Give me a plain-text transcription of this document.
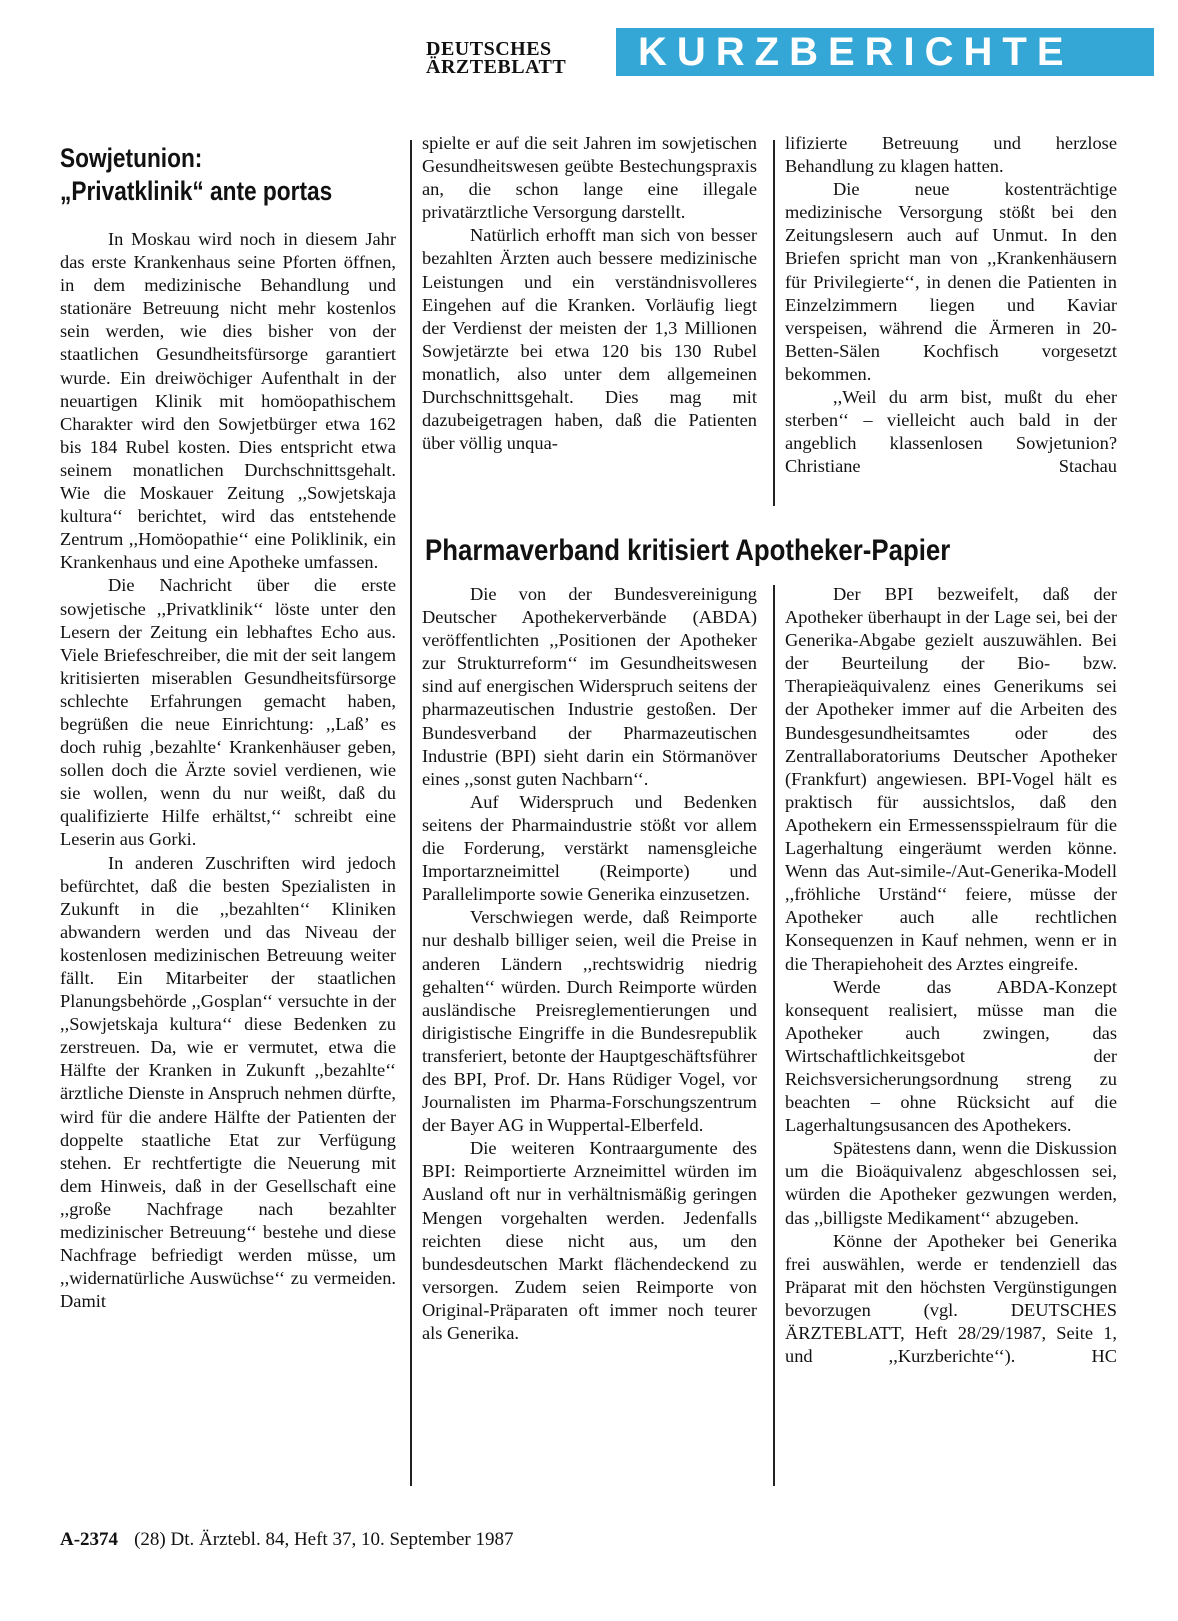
DEUTSCHES
ÄRZTEBLATT	KURZBERICHTE
Sowjetunion:
„Privatklinik“ ante portas

In Moskau wird noch in diesem Jahr das erste Krankenhaus seine Pforten öffnen, in dem medizinische Behandlung und stationäre Betreuung nicht mehr kostenlos sein werden, wie dies bisher von der staatlichen Gesundheitsfürsorge garantiert wurde. Ein dreiwöchiger Aufenthalt in der neuartigen Klinik mit homöopathischem Charakter wird den Sowjetbürger etwa 162 bis 184 Rubel kosten. Dies entspricht etwa seinem monatlichen Durchschnittsgehalt. Wie die Moskauer Zeitung ,,Sowjetskaja kultura‘‘ berichtet, wird das entstehende Zentrum ,,Homöopathie‘‘ eine Poliklinik, ein Krankenhaus und eine Apotheke umfassen.

Die Nachricht über die erste sowjetische ,,Privatklinik‘‘ löste unter den Lesern der Zeitung ein lebhaftes Echo aus. Viele Briefeschreiber, die mit der seit langem kritisierten miserablen Gesundheitsfürsorge schlechte Erfahrungen gemacht haben, begrüßen die neue Einrichtung: ,,Laß’ es doch ruhig ‚bezahlte‘ Krankenhäuser geben, sollen doch die Ärzte soviel verdienen, wie sie wollen, wenn du nur weißt, daß du qualifizierte Hilfe erhältst,‘‘ schreibt eine Leserin aus Gorki.

In anderen Zuschriften wird jedoch befürchtet, daß die besten Spezialisten in Zukunft in die ,,bezahlten‘‘ Kliniken abwandern werden und das Niveau der kostenlosen medizinischen Betreuung weiter fällt. Ein Mitarbeiter der staatlichen Planungsbehörde ,,Gosplan‘‘ versuchte in der ,,Sowjetskaja kultura‘‘ diese Bedenken zu zerstreuen. Da, wie er vermutet, etwa die Hälfte der Kranken in Zukunft ,,bezahlte‘‘ ärztliche Dienste in Anspruch nehmen dürfte, wird für die andere Hälfte der Patienten der doppelte staatliche Etat zur Verfügung stehen. Er rechtfertigte die Neuerung mit dem Hinweis, daß in der Gesellschaft eine ,,große Nachfrage nach bezahlter medizinischer Betreuung‘‘ bestehe und diese Nachfrage befriedigt werden müsse, um ,,widernatürliche Auswüchse‘‘ zu vermeiden. Damit

spielte er auf die seit Jahren im sowjetischen Gesundheitswesen geübte Bestechungspraxis an, die schon lange eine illegale privatärztliche Versorgung darstellt.

Natürlich erhofft man sich von besser bezahlten Ärzten auch bessere medizinische Leistungen und ein verständnisvolleres Eingehen auf die Kranken. Vorläufig liegt der Verdienst der meisten der 1,3 Millionen Sowjetärzte bei etwa 120 bis 130 Rubel monatlich, also unter dem allgemeinen Durchschnittsgehalt. Dies mag mit dazubeigetragen haben, daß die Patienten über völlig unqua-

lifizierte Betreuung und herzlose Behandlung zu klagen hatten.

Die neue kostenträchtige medizinische Versorgung stößt bei den Zeitungslesern auch auf Unmut. In den Briefen spricht man von ,,Krankenhäusern für Privilegierte‘‘, in denen die Patienten in Einzelzimmern liegen und Kaviar verspeisen, während die Ärmeren in 20-Betten-Sälen Kochfisch vorgesetzt bekommen.

,,Weil du arm bist, mußt du eher sterben‘‘ – vielleicht auch bald in der angeblich klassenlosen Sowjetunion? Christiane Stachau

Pharmaverband kritisiert Apotheker-Papier

Die von der Bundesvereinigung Deutscher Apothekerverbände (ABDA) veröffentlichten ,,Positionen der Apotheker zur Strukturreform‘‘ im Gesundheitswesen sind auf energischen Widerspruch seitens der pharmazeutischen Industrie gestoßen. Der Bundesverband der Pharmazeutischen Industrie (BPI) sieht darin ein Störmanöver eines ,,sonst guten Nachbarn‘‘.

Auf Widerspruch und Bedenken seitens der Pharmaindustrie stößt vor allem die Forderung, verstärkt namensgleiche Importarzneimittel (Reimporte) und Parallelimporte sowie Generika einzusetzen.

Verschwiegen werde, daß Reimporte nur deshalb billiger seien, weil die Preise in anderen Ländern ,,rechtswidrig niedrig gehalten‘‘ würden. Durch Reimporte würden ausländische Preisreglementierungen und dirigistische Eingriffe in die Bundesrepublik transferiert, betonte der Hauptgeschäftsführer des BPI, Prof. Dr. Hans Rüdiger Vogel, vor Journalisten im Pharma-Forschungszentrum der Bayer AG in Wuppertal-Elberfeld.

Die weiteren Kontraargumente des BPI: Reimportierte Arzneimittel würden im Ausland oft nur in verhältnismäßig geringen Mengen vorgehalten werden. Jedenfalls reichten diese nicht aus, um den bundesdeutschen Markt flächendeckend zu versorgen. Zudem seien Reimporte von Original-Präparaten oft immer noch teurer als Generika.

Der BPI bezweifelt, daß der Apotheker überhaupt in der Lage sei, bei der Generika-Abgabe gezielt auszuwählen. Bei der Beurteilung der Bio- bzw. Therapieäquivalenz eines Generikums sei der Apotheker immer auf die Arbeiten des Bundesgesundheitsamtes oder des Zentrallaboratoriums Deutscher Apotheker (Frankfurt) angewiesen. BPI-Vogel hält es praktisch für aussichtslos, daß den Apothekern ein Ermessensspielraum für die Lagerhaltung eingeräumt werden könne. Wenn das Aut-simile-/Aut-Generika-Modell ,,fröhliche Urständ‘‘ feiere, müsse der Apotheker auch alle rechtlichen Konsequenzen in Kauf nehmen, wenn er in die Therapiehoheit des Arztes eingreife.

Werde das ABDA-Konzept konsequent realisiert, müsse man die Apotheker auch zwingen, das Wirtschaftlichkeitsgebot der Reichsversicherungsordnung streng zu beachten – ohne Rücksicht auf die Lagerhaltungsusancen des Apothekers.

Spätestens dann, wenn die Diskussion um die Bioäquivalenz abgeschlossen sei, würden die Apotheker gezwungen werden, das ,,billigste Medikament‘‘ abzugeben.

Könne der Apotheker bei Generika frei auswählen, werde er tendenziell das Präparat mit den höchsten Vergünstigungen bevorzugen (vgl. DEUTSCHES ÄRZTEBLATT, Heft 28/29/1987, Seite 1, und ,,Kurzberichte‘‘). HC

A-2374 (28) Dt. Ärztebl. 84, Heft 37, 10. September 1987
